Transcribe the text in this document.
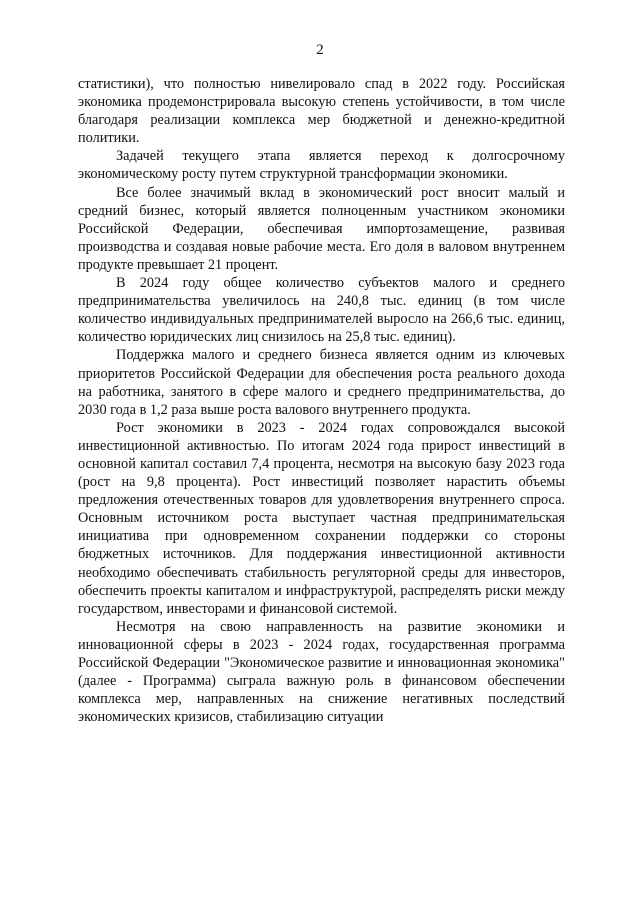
2

статистики), что полностью нивелировало спад в 2022 году. Российская экономика продемонстрировала высокую степень устойчивости, в том числе благодаря реализации комплекса мер бюджетной и денежно-кредитной политики.

Задачей текущего этапа является переход к долгосрочному экономическому росту путем структурной трансформации экономики.

Все более значимый вклад в экономический рост вносит малый и средний бизнес, который является полноценным участником экономики Российской Федерации, обеспечивая импортозамещение, развивая производства и создавая новые рабочие места. Его доля в валовом внутреннем продукте превышает 21 процент.

В 2024 году общее количество субъектов малого и среднего предпринимательства увеличилось на 240,8 тыс. единиц (в том числе количество индивидуальных предпринимателей выросло на 266,6 тыс. единиц, количество юридических лиц снизилось на 25,8 тыс. единиц).

Поддержка малого и среднего бизнеса является одним из ключевых приоритетов Российской Федерации для обеспечения роста реального дохода на работника, занятого в сфере малого и среднего предпринимательства, до 2030 года в 1,2 раза выше роста валового внутреннего продукта.

Рост экономики в 2023 - 2024 годах сопровождался высокой инвестиционной активностью. По итогам 2024 года прирост инвестиций в основной капитал составил 7,4 процента, несмотря на высокую базу 2023 года (рост на 9,8 процента). Рост инвестиций позволяет нарастить объемы предложения отечественных товаров для удовлетворения внутреннего спроса. Основным источником роста выступает частная предпринимательская инициатива при одновременном сохранении поддержки со стороны бюджетных источников. Для поддержания инвестиционной активности необходимо обеспечивать стабильность регуляторной среды для инвесторов, обеспечить проекты капиталом и инфраструктурой, распределять риски между государством, инвесторами и финансовой системой.

Несмотря на свою направленность на развитие экономики и инновационной сферы в 2023 - 2024 годах, государственная программа Российской Федерации "Экономическое развитие и инновационная экономика" (далее - Программа) сыграла важную роль в финансовом обеспечении комплекса мер, направленных на снижение негативных последствий экономических кризисов, стабилизацию ситуации
